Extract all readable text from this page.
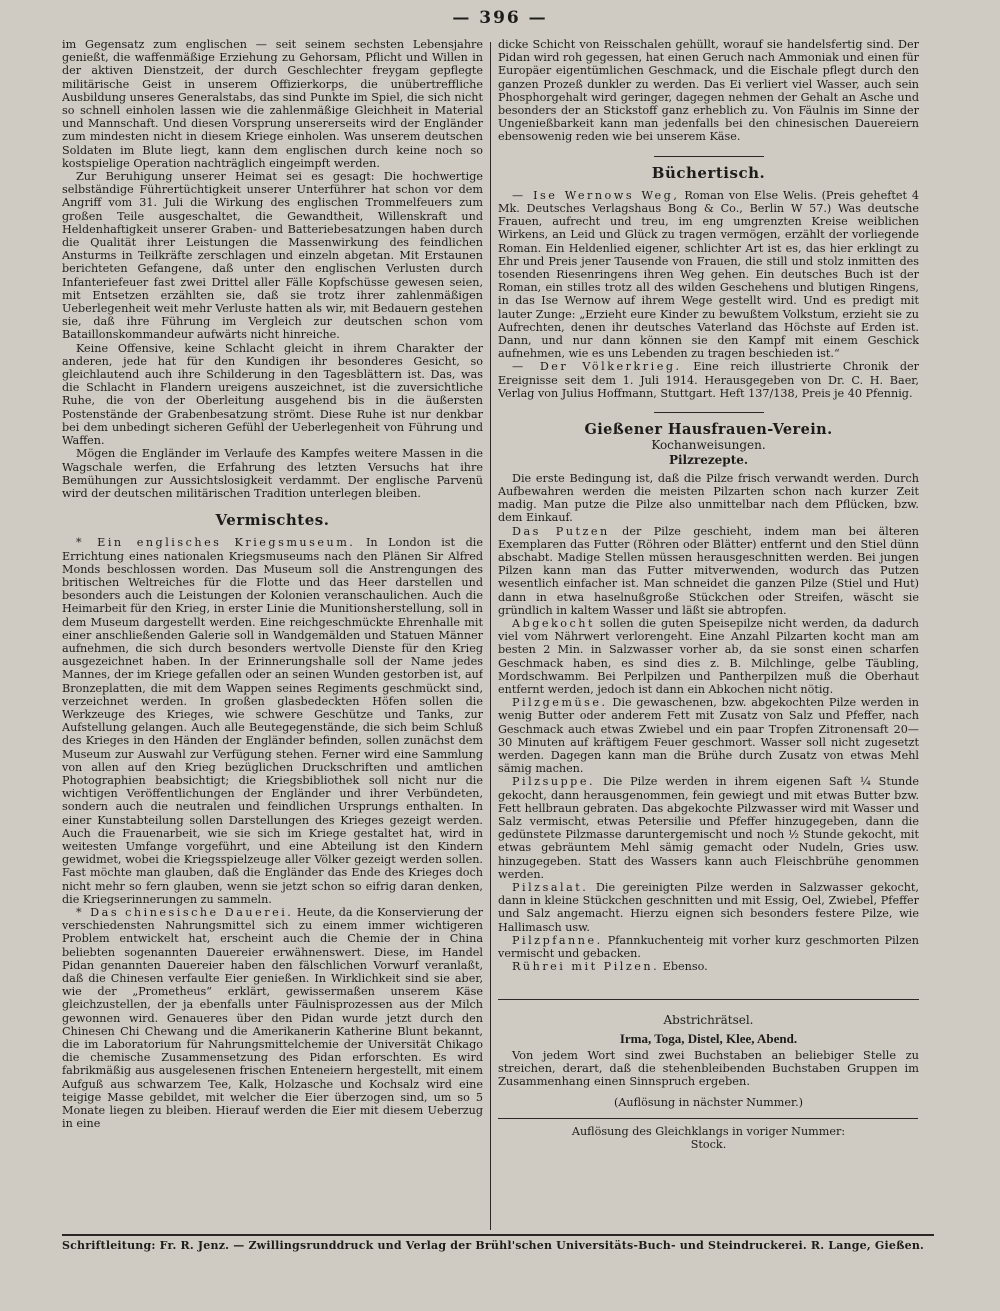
— 396 —

im Gegensatz zum englischen — seit seinem sechsten Lebensjahre genießt, die waffenmäßige Erziehung zu Gehorsam, Pflicht und Willen in der aktiven Dienstzeit, der durch Geschlechter freygam gepflegte militärische Geist in unserem Offizierkorps, die unübertreffliche Ausbildung unseres Generalstabs, das sind Punkte im Spiel, die sich nicht so schnell einholen lassen wie die zahlenmäßige Gleichheit in Material und Mannschaft. Und diesen Vorsprung unsererseits wird der Engländer zum mindesten nicht in diesem Kriege einholen. Was unserem deutschen Soldaten im Blute liegt, kann dem englischen durch keine noch so kostspielige Operation nachträglich eingeimpft werden.

Zur Beruhigung unserer Heimat sei es gesagt: Die hochwertige selbständige Führertüchtigkeit unserer Unterführer hat schon vor dem Angriff vom 31. Juli die Wirkung des englischen Trommelfeuers zum großen Teile ausgeschaltet, die Gewandtheit, Willenskraft und Heldenhaftigkeit unserer Graben- und Batteriebesatzungen haben durch die Qualität ihrer Leistungen die Massenwirkung des feindlichen Ansturms in Teilkräfte zerschlagen und einzeln abgetan. Mit Erstaunen berichteten Gefangene, daß unter den englischen Verlusten durch Infanteriefeuer fast zwei Drittel aller Fälle Kopfschüsse gewesen seien, mit Entsetzen erzählten sie, daß sie trotz ihrer zahlenmäßigen Ueberlegenheit weit mehr Verluste hatten als wir, mit Bedauern gestehen sie, daß ihre Führung im Vergleich zur deutschen schon vom Bataillonskommandeur aufwärts nicht hinreiche.

Keine Offensive, keine Schlacht gleicht in ihrem Charakter der anderen, jede hat für den Kundigen ihr besonderes Gesicht, so gleichlautend auch ihre Schilderung in den Tagesblättern ist. Das, was die Schlacht in Flandern ureigens auszeichnet, ist die zuversichtliche Ruhe, die von der Oberleitung ausgehend bis in die äußersten Postenstände der Grabenbesatzung strömt. Diese Ruhe ist nur denkbar bei dem unbedingt sicheren Gefühl der Ueberlegenheit von Führung und Waffen.

Mögen die Engländer im Verlaufe des Kampfes weitere Massen in die Wagschale werfen, die Erfahrung des letzten Versuchs hat ihre Bemühungen zur Aussichtslosigkeit verdammt. Der englische Parvenü wird der deutschen militärischen Tradition unterlegen bleiben.

Vermischtes.

* Ein englisches Kriegsmuseum. In London ist die Errichtung eines nationalen Kriegsmuseums nach den Plänen Sir Alfred Monds beschlossen worden. Das Museum soll die Anstrengungen des britischen Weltreiches für die Flotte und das Heer darstellen und besonders auch die Leistungen der Kolonien veranschaulichen. Auch die Heimarbeit für den Krieg, in erster Linie die Munitionsherstellung, soll in dem Museum dargestellt werden. Eine reichgeschmückte Ehrenhalle mit einer anschließenden Galerie soll in Wandgemälden und Statuen Männer aufnehmen, die sich durch besonders wertvolle Dienste für den Krieg ausgezeichnet haben. In der Erinnerungshalle soll der Name jedes Mannes, der im Kriege gefallen oder an seinen Wunden gestorben ist, auf Bronzeplatten, die mit dem Wappen seines Regiments geschmückt sind, verzeichnet werden. In großen glasbedeckten Höfen sollen die Werkzeuge des Krieges, wie schwere Geschütze und Tanks, zur Aufstellung gelangen. Auch alle Beutegegenstände, die sich beim Schluß des Krieges in den Händen der Engländer befinden, sollen zunächst dem Museum zur Auswahl zur Verfügung stehen. Ferner wird eine Sammlung von allen auf den Krieg bezüglichen Druckschriften und amtlichen Photographien beabsichtigt; die Kriegsbibliothek soll nicht nur die wichtigen Veröffentlichungen der Engländer und ihrer Verbündeten, sondern auch die neutralen und feindlichen Ursprungs enthalten. In einer Kunstabteilung sollen Darstellungen des Krieges gezeigt werden. Auch die Frauenarbeit, wie sie sich im Kriege gestaltet hat, wird in weitesten Umfange vorgeführt, und eine Abteilung ist den Kindern gewidmet, wobei die Kriegsspielzeuge aller Völker gezeigt werden sollen. Fast möchte man glauben, daß die Engländer das Ende des Krieges doch nicht mehr so fern glauben, wenn sie jetzt schon so eifrig daran denken, die Kriegserinnerungen zu sammeln.

* Das chinesische Dauerei. Heute, da die Konservierung der verschiedensten Nahrungsmittel sich zu einem immer wichtigeren Problem entwickelt hat, erscheint auch die Chemie der in China beliebten sogenannten Dauereier erwähnenswert. Diese, im Handel Pidan genannten Dauereier haben den fälschlichen Vorwurf veranlaßt, daß die Chinesen verfaulte Eier genießen. In Wirklichkeit sind sie aber, wie der „Prometheus“ erklärt, gewissermaßen unserem Käse gleichzustellen, der ja ebenfalls unter Fäulnisprozessen aus der Milch gewonnen wird. Genaueres über den Pidan wurde jetzt durch den Chinesen Chi Chewang und die Amerikanerin Katherine Blunt bekannt, die im Laboratorium für Nahrungsmittelchemie der Universität Chikago die chemische Zusammensetzung des Pidan erforschten. Es wird fabrikmäßig aus ausgelesenen frischen Enteneiern hergestellt, mit einem Aufguß aus schwarzem Tee, Kalk, Holzasche und Kochsalz wird eine teigige Masse gebildet, mit welcher die Eier überzogen sind, um so 5 Monate liegen zu bleiben. Hierauf werden die Eier mit diesem Ueberzug in eine

dicke Schicht von Reisschalen gehüllt, worauf sie handelsfertig sind. Der Pidan wird roh gegessen, hat einen Geruch nach Ammoniak und einen für Europäer eigentümlichen Geschmack, und die Eischale pflegt durch den ganzen Prozeß dunkler zu werden. Das Ei verliert viel Wasser, auch sein Phosphorgehalt wird geringer, dagegen nehmen der Gehalt an Asche und besonders der an Stickstoff ganz erheblich zu. Von Fäulnis im Sinne der Ungenießbarkeit kann man jedenfalls bei den chinesischen Dauereiern ebensowenig reden wie bei unserem Käse.

Büchertisch.

— Ise Wernows Weg, Roman von Else Welis. (Preis geheftet 4 Mk. Deutsches Verlagshaus Bong & Co., Berlin W 57.) Was deutsche Frauen, aufrecht und treu, im eng umgrenzten Kreise weiblichen Wirkens, an Leid und Glück zu tragen vermögen, erzählt der vorliegende Roman. Ein Heldenlied eigener, schlichter Art ist es, das hier erklingt zu Ehr und Preis jener Tausende von Frauen, die still und stolz inmitten des tosenden Riesenringens ihren Weg gehen. Ein deutsches Buch ist der Roman, ein stilles trotz all des wilden Geschehens und blutigen Ringens, in das Ise Wernow auf ihrem Wege gestellt wird. Und es predigt mit lauter Zunge: „Erzieht eure Kinder zu bewußtem Volkstum, erzieht sie zu Aufrechten, denen ihr deutsches Vaterland das Höchste auf Erden ist. Dann, und nur dann können sie den Kampf mit einem Geschick aufnehmen, wie es uns Lebenden zu tragen beschieden ist.“

— Der Völkerkrieg. Eine reich illustrierte Chronik der Ereignisse seit dem 1. Juli 1914. Herausgegeben von Dr. C. H. Baer, Verlag von Julius Hoffmann, Stuttgart. Heft 137/138, Preis je 40 Pfennig.

Gießener Hausfrauen-Verein.
Kochanweisungen.
Pilzrezepte.

Die erste Bedingung ist, daß die Pilze frisch verwandt werden. Durch Aufbewahren werden die meisten Pilzarten schon nach kurzer Zeit madig. Man putze die Pilze also unmittelbar nach dem Pflücken, bzw. dem Einkauf.

Das Putzen der Pilze geschieht, indem man bei älteren Exemplaren das Futter (Röhren oder Blätter) entfernt und den Stiel dünn abschabt. Madige Stellen müssen herausgeschnitten werden. Bei jungen Pilzen kann man das Futter mitverwenden, wodurch das Putzen wesentlich einfacher ist. Man schneidet die ganzen Pilze (Stiel und Hut) dann in etwa haselnußgroße Stückchen oder Streifen, wäscht sie gründlich in kaltem Wasser und läßt sie abtropfen.

Abgekocht sollen die guten Speisepilze nicht werden, da dadurch viel vom Nährwert verlorengeht. Eine Anzahl Pilzarten kocht man am besten 2 Min. in Salzwasser vorher ab, da sie sonst einen scharfen Geschmack haben, es sind dies z. B. Milchlinge, gelbe Täubling, Mordschwamm. Bei Perlpilzen und Pantherpilzen muß die Oberhaut entfernt werden, jedoch ist dann ein Abkochen nicht nötig.

Pilzgemüse. Die gewaschenen, bzw. abgekochten Pilze werden in wenig Butter oder anderem Fett mit Zusatz von Salz und Pfeffer, nach Geschmack auch etwas Zwiebel und ein paar Tropfen Zitronensaft 20—30 Minuten auf kräftigem Feuer geschmort. Wasser soll nicht zugesetzt werden. Dagegen kann man die Brühe durch Zusatz von etwas Mehl sämig machen.

Pilzsuppe. Die Pilze werden in ihrem eigenen Saft ¼ Stunde gekocht, dann herausgenommen, fein gewiegt und mit etwas Butter bzw. Fett hellbraun gebraten. Das abgekochte Pilzwasser wird mit Wasser und Salz vermischt, etwas Petersilie und Pfeffer hinzugegeben, dann die gedünstete Pilzmasse daruntergemischt und noch ½ Stunde gekocht, mit etwas gebräuntem Mehl sämig gemacht oder Nudeln, Gries usw. hinzugegeben. Statt des Wassers kann auch Fleischbrühe genommen werden.

Pilzsalat. Die gereinigten Pilze werden in Salzwasser gekocht, dann in kleine Stückchen geschnitten und mit Essig, Oel, Zwiebel, Pfeffer und Salz angemacht. Hierzu eignen sich besonders festere Pilze, wie Hallimasch usw.

Pilzpfanne. Pfannkuchenteig mit vorher kurz geschmorten Pilzen vermischt und gebacken.

Rührei mit Pilzen. Ebenso.

Abstrichrätsel.
Irma, Toga, Distel, Klee, Abend.

Von jedem Wort sind zwei Buchstaben an beliebiger Stelle zu streichen, derart, daß die stehenbleibenden Buchstaben Gruppen im Zusammenhang einen Sinnspruch ergeben.

(Auflösung in nächster Nummer.)
Auflösung des Gleichklangs in voriger Nummer:
Stock.
Schriftleitung: Fr. R. Jenz. — Zwillingsrunddruck und Verlag der Brühl'schen Universitäts-Buch- und Steindruckerei. R. Lange, Gießen.
